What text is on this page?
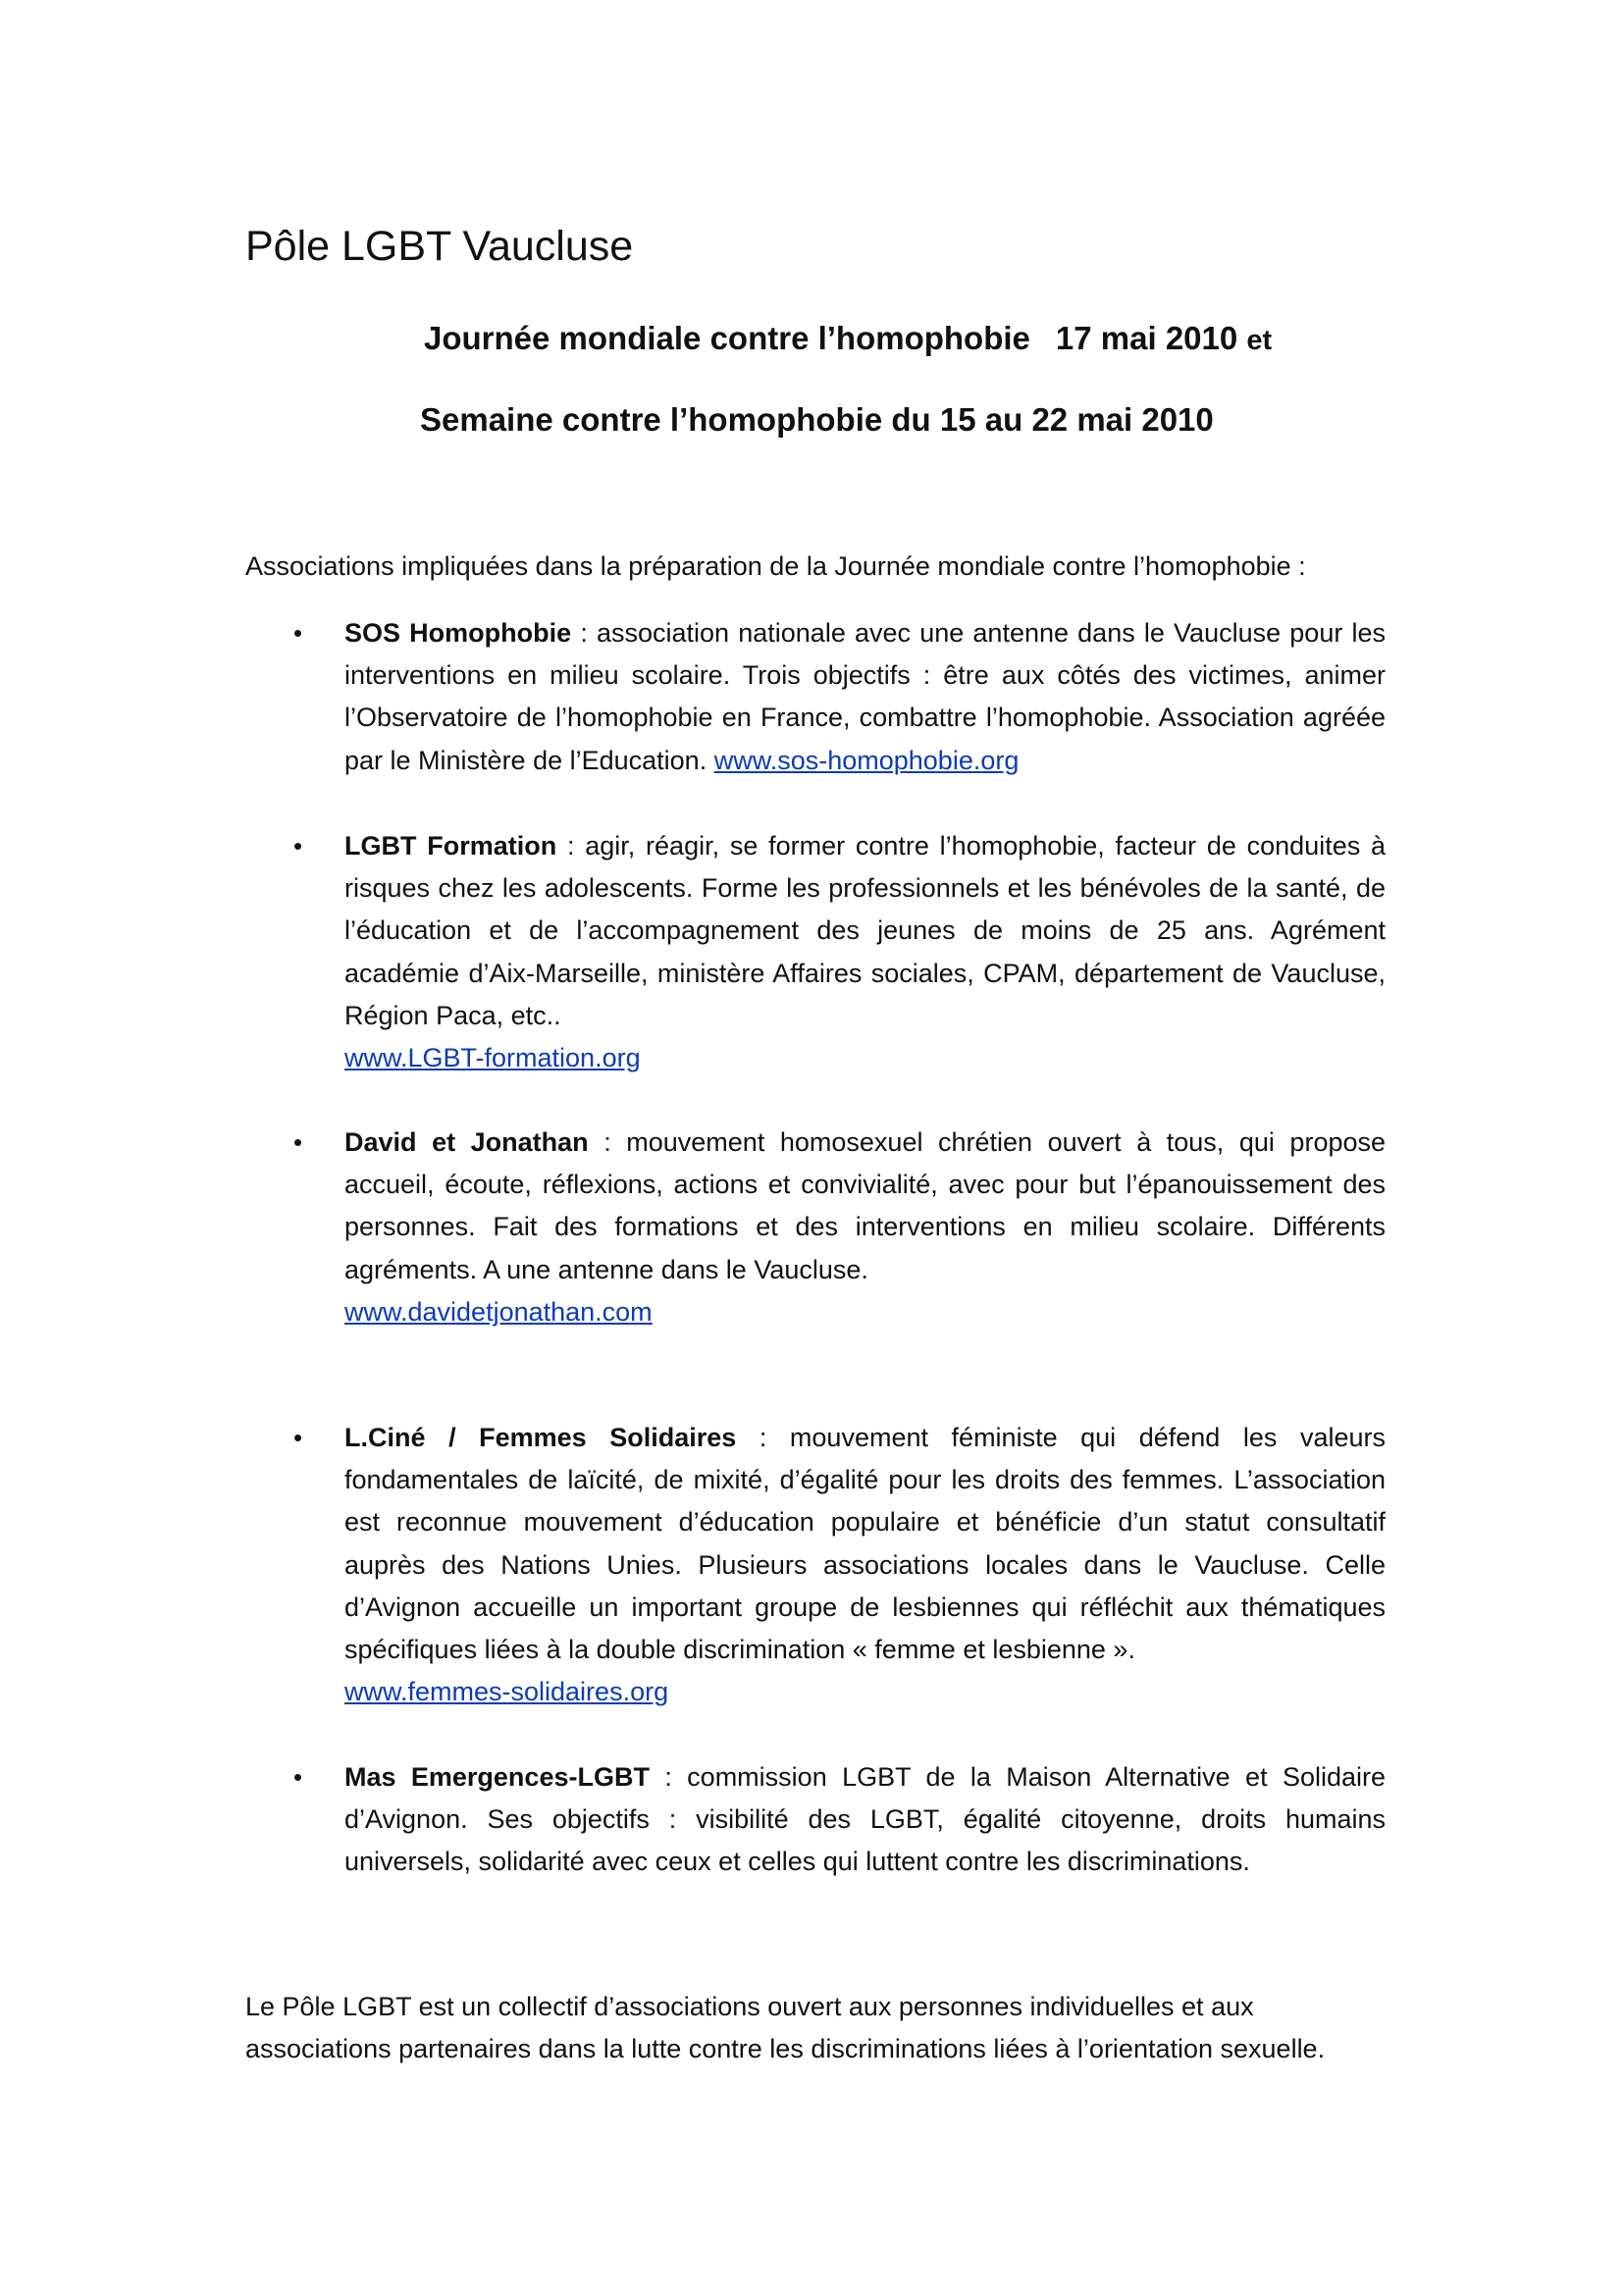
Pôle LGBT Vaucluse

Journée mondiale contre l’homophobie 17 mai 2010 et

Semaine contre l’homophobie du 15 au 22 mai 2010

Associations impliquées dans la préparation de la Journée mondiale contre l’homophobie :

• SOS Homophobie : association nationale avec une antenne dans le Vaucluse pour les interventions en milieu scolaire. Trois objectifs : être aux côtés des victimes, animer l’Observatoire de l’homophobie en France, combattre l’homophobie. Association agréée par le Ministère de l’Education. www.sos-homophobie.org
• LGBT Formation : agir, réagir, se former contre l’homophobie, facteur de conduites à risques chez les adolescents. Forme les professionnels et les bénévoles de la santé, de l’éducation et de l’accompagnement des jeunes de moins de 25 ans. Agrément académie d’Aix-Marseille, ministère Affaires sociales, CPAM, département de Vaucluse, Région Paca, etc..
www.LGBT-formation.org
• David et Jonathan : mouvement homosexuel chrétien ouvert à tous, qui propose accueil, écoute, réflexions, actions et convivialité, avec pour but l’épanouissement des personnes. Fait des formations et des interventions en milieu scolaire. Différents agréments. A une antenne dans le Vaucluse.
www.davidetjonathan.com
• L.Ciné / Femmes Solidaires : mouvement féministe qui défend les valeurs fondamentales de laïcité, de mixité, d’égalité pour les droits des femmes. L’association est reconnue mouvement d’éducation populaire et bénéficie d’un statut consultatif auprès des Nations Unies. Plusieurs associations locales dans le Vaucluse. Celle d’Avignon accueille un important groupe de lesbiennes qui réfléchit aux thématiques spécifiques liées à la double discrimination « femme et lesbienne ».
www.femmes-solidaires.org
• Mas Emergences-LGBT : commission LGBT de la Maison Alternative et Solidaire d’Avignon. Ses objectifs : visibilité des LGBT, égalité citoyenne, droits humains universels, solidarité avec ceux et celles qui luttent contre les discriminations.

Le Pôle LGBT est un collectif d’associations ouvert aux personnes individuelles et aux associations partenaires dans la lutte contre les discriminations liées à l’orientation sexuelle.
